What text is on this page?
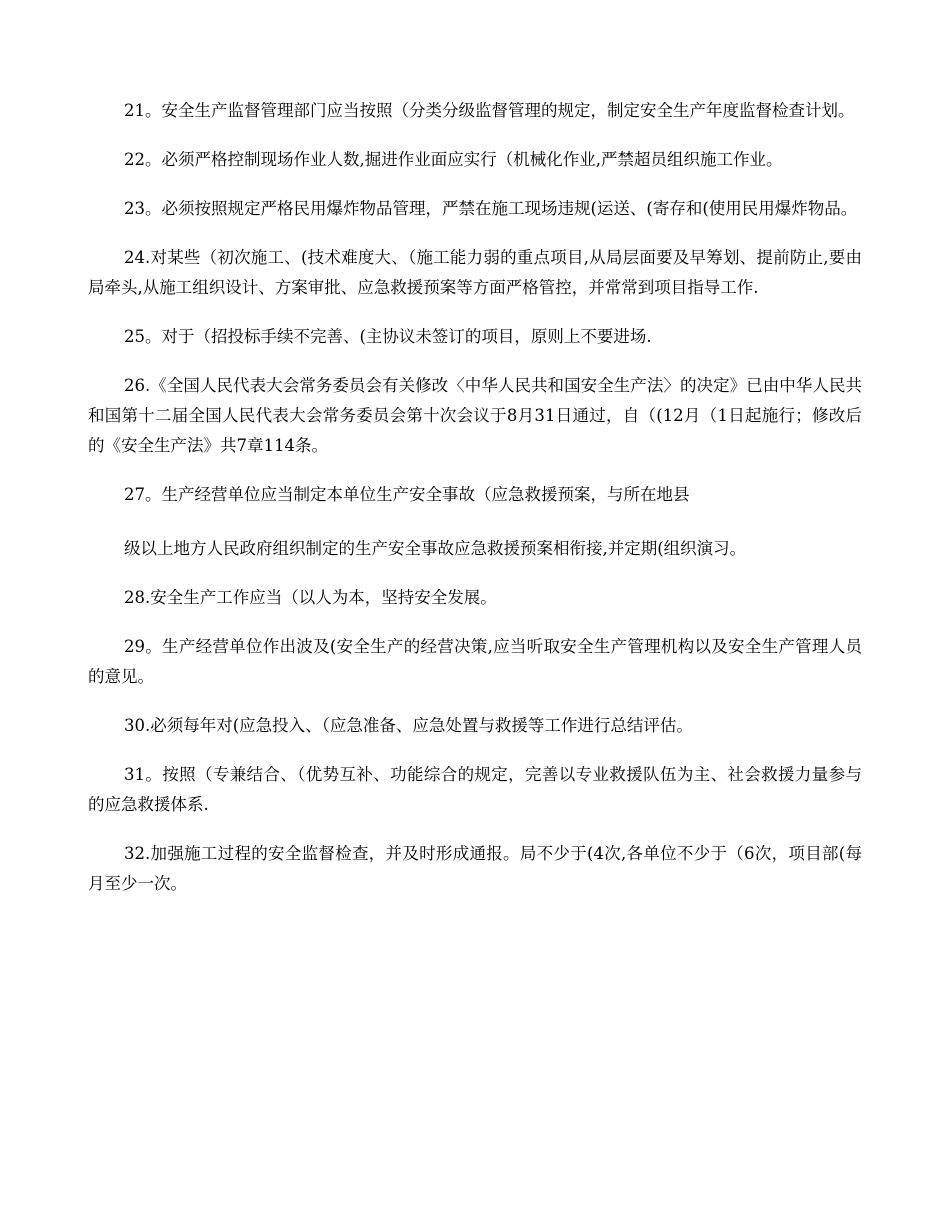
21。安全生产监督管理部门应当按照（分类分级监督管理的规定，制定安全生产年度监督检查计划。

22。必须严格控制现场作业人数,掘进作业面应实行（机械化作业,严禁超员组织施工作业。

23。必须按照规定严格民用爆炸物品管理，严禁在施工现场违规(运送、(寄存和(使用民用爆炸物品。

24.对某些（初次施工、(技术难度大、（施工能力弱的重点项目,从局层面要及早筹划、提前防止,要由局牵头,从施工组织设计、方案审批、应急救援预案等方面严格管控，并常常到项目指导工作.

25。对于（招投标手续不完善、(主协议未签订的项目，原则上不要进场.

26.《全国人民代表大会常务委员会有关修改〈中华人民共和国安全生产法〉的决定》已由中华人民共和国第十二届全国人民代表大会常务委员会第十次会议于8月31日通过，自（(12月（1日起施行；修改后的《安全生产法》共7章114条。

27。生产经营单位应当制定本单位生产安全事故（应急救援预案，与所在地县

级以上地方人民政府组织制定的生产安全事故应急救援预案相衔接,并定期(组织演习。

28.安全生产工作应当（以人为本，坚持安全发展。

29。生产经营单位作出波及(安全生产的经营决策,应当听取安全生产管理机构以及安全生产管理人员的意见。

30.必须每年对(应急投入、（应急准备、应急处置与救援等工作进行总结评估。

31。按照（专兼结合、（优势互补、功能综合的规定，完善以专业救援队伍为主、社会救援力量参与的应急救援体系.

32.加强施工过程的安全监督检查，并及时形成通报。局不少于(4次,各单位不少于（6次，项目部(每月至少一次。
